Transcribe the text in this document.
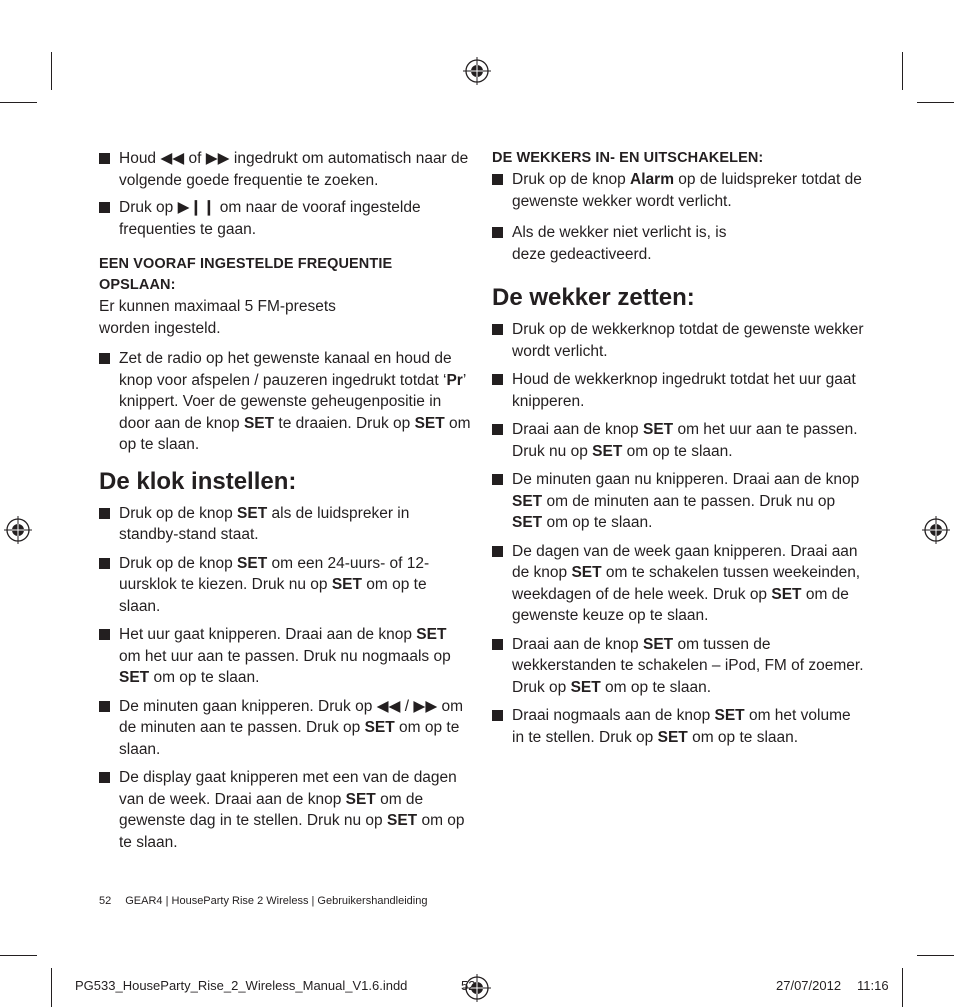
Houd ◀◀ of ▶▶ ingedrukt om automatisch naar de volgende goede frequentie te zoeken.
Druk op ▶❙❙ om naar de vooraf ingestelde frequenties te gaan.
EEN VOORAF INGESTELDE FREQUENTIE OPSLAAN:
Er kunnen maximaal 5 FM-presets worden ingesteld.
Zet de radio op het gewenste kanaal en houd de knop voor afspelen / pauzeren ingedrukt totdat ‘Pr’ knippert. Voer de gewenste geheugenpositie in door aan de knop SET te draaien. Druk op SET om op te slaan.
De klok instellen:
Druk op de knop SET als de luidspreker in standby-stand staat.
Druk op de knop SET om een 24-uurs- of 12-uursklok te kiezen. Druk nu op SET om op te slaan.
Het uur gaat knipperen. Draai aan de knop SET om het uur aan te passen. Druk nu nogmaals op SET om op te slaan.
De minuten gaan knipperen. Druk op ◀◀ / ▶▶ om de minuten aan te passen. Druk op SET om op te slaan.
De display gaat knipperen met een van de dagen van de week. Draai aan de knop SET om de gewenste dag in te stellen. Druk nu op SET om op te slaan.
DE WEKKERS IN- EN UITSCHAKELEN:
Druk op de knop Alarm op de luidspreker totdat de gewenste wekker wordt verlicht.
Als de wekker niet verlicht is, is deze gedeactiveerd.
De wekker zetten:
Druk op de wekkerknop totdat de gewenste wekker wordt verlicht.
Houd de wekkerknop ingedrukt totdat het uur gaat knipperen.
Draai aan de knop SET om het uur aan te passen. Druk nu op SET om op te slaan.
De minuten gaan nu knipperen. Draai aan de knop SET om de minuten aan te passen. Druk nu op SET om op te slaan.
De dagen van de week gaan knipperen. Draai aan de knop SET om te schakelen tussen weekeinden, weekdagen of de hele week. Druk op SET om de gewenste keuze op te slaan.
Draai aan de knop SET om tussen de wekkerstanden te schakelen – iPod, FM of zoemer. Druk op SET om op te slaan.
Draai nogmaals aan de knop SET om het volume in te stellen. Druk op SET om op te slaan.
52 GEAR4 | HouseParty Rise 2 Wireless | Gebruikershandleiding
PG533_HouseParty_Rise_2_Wireless_Manual_V1.6.indd	52	27/07/2012 11:16
